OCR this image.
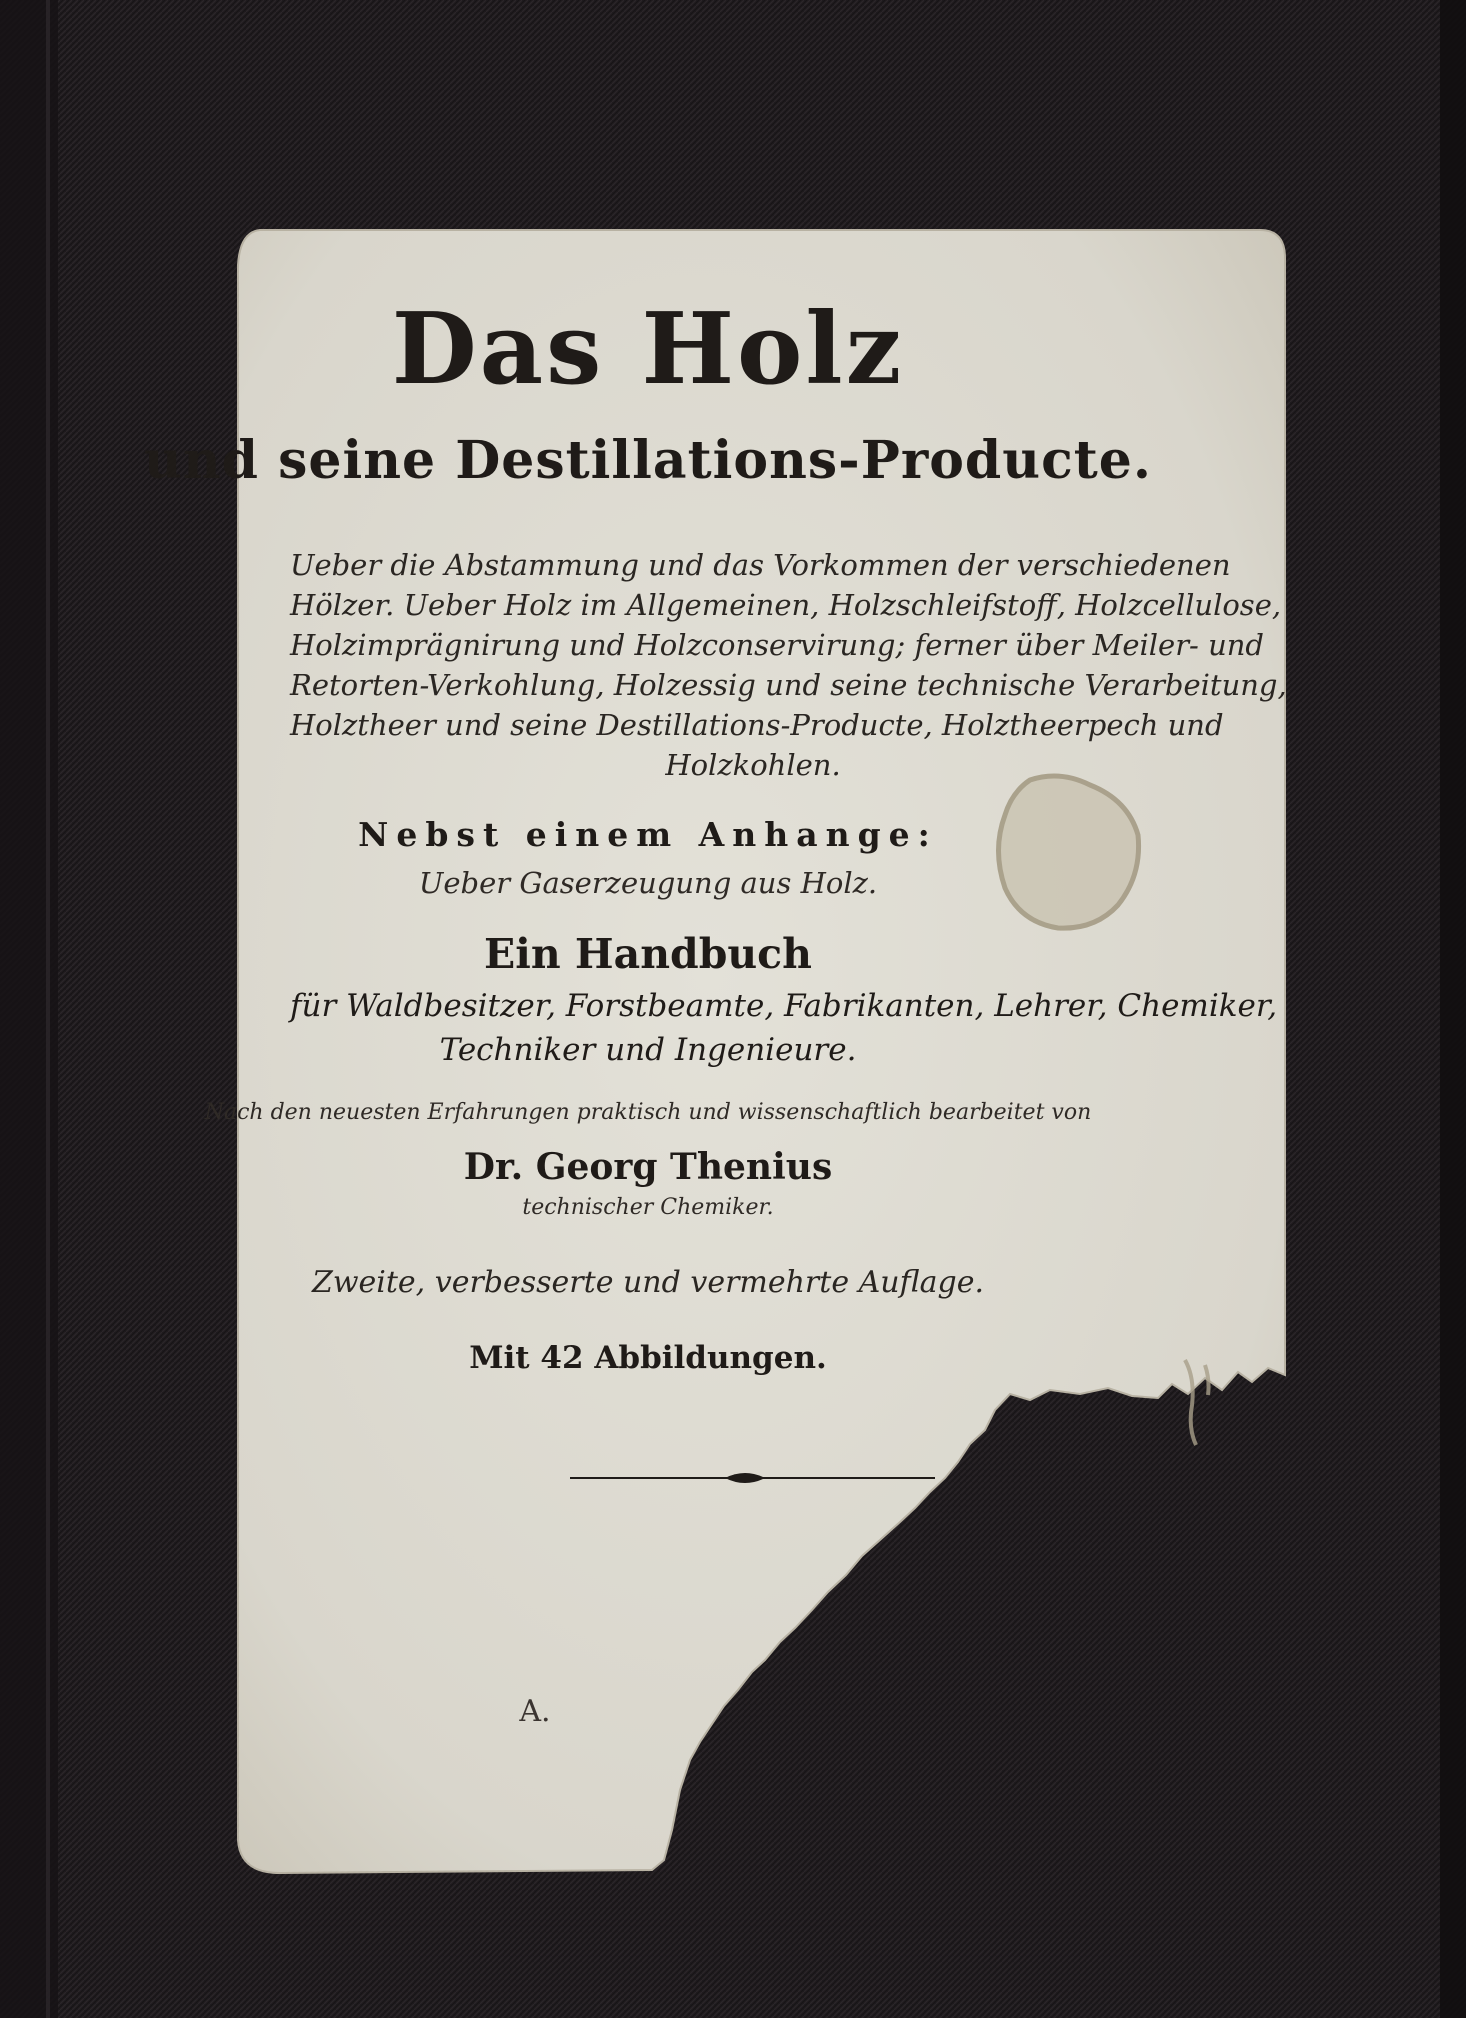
Das Holz
und seine Destillations-Producte.
Ueber die Abstammung und das Vorkommen der verschiedenen
Hölzer. Ueber Holz im Allgemeinen, Holzschleifstoff, Holzcellulose,
Holzimprägnirung und Holzconservirung; ferner über Meiler- und
Retorten-Verkohlung, Holzessig und seine technische Verarbeitung,
Holztheer und seine Destillations-Producte, Holztheerpech und
Holzkohlen.
Nebst einem Anhange:
Ueber Gaserzeugung aus Holz.
Ein Handbuch
für Waldbesitzer, Forstbeamte, Fabrikanten, Lehrer, Chemiker,
Techniker und Ingenieure.
Nach den neuesten Erfahrungen praktisch und wissenschaftlich bearbeitet von
Dr. Georg Thenius
technischer Chemiker.
Zweite, verbesserte und vermehrte Auflage.
Mit 42 Abbildungen.
A.
